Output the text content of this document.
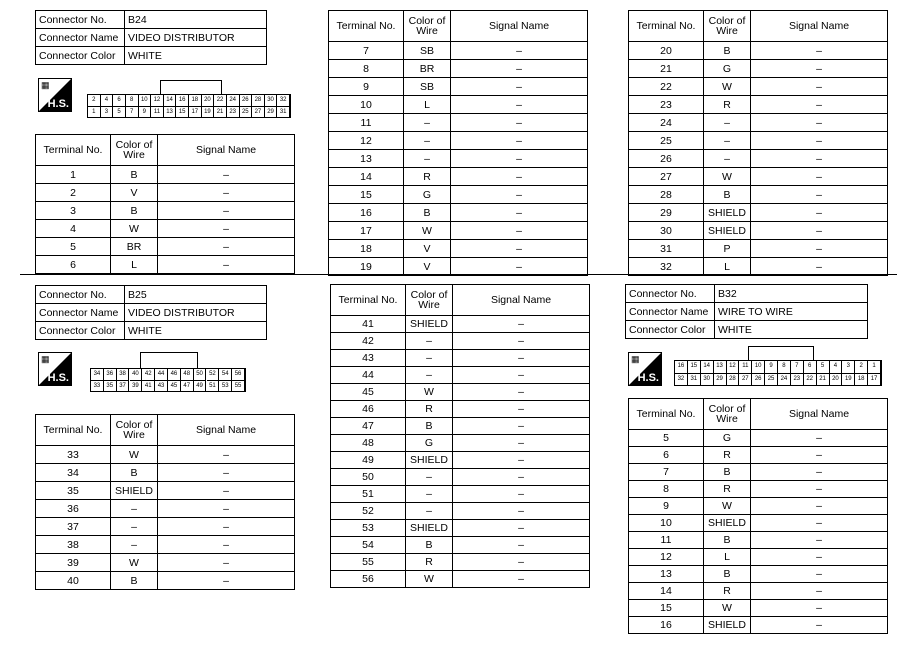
Connector No.	B24
Connector Name	VIDEO DISTRIBUTOR
Connector Color	WHITE
▦
H.S.	2	4	6	8	10 12 14 16 18 20 22 24 26 28 30 32
1	3	5	7	9	11	13 15 17 19 21 23 25 27 29 31
Terminal No.	Color of Wire	Signal Name
1	B	–
2	V	–
3	B	–
4	W	–
5	BR	–
6	L	–
Terminal No.	Color of Wire	Signal Name
7	SB	–
8	BR	–
9	SB	–
10	L	–
11	–	–
12	–	–
13	–	–
14	R	–
15	G	–
16	B	–
17	W	–
18	V	–
19	V	–
Terminal No.	Color of Wire	Signal Name
20	B	–
21	G	–
22	W	–
23	R	–
24	–	–
25	–	–
26	–	–
27	W	–
28	B	–
29	SHIELD	–
30	SHIELD	–
31	P	–
32	L	–
Connector No.	B25
Connector Name	VIDEO DISTRIBUTOR
Connector Color	WHITE
▦
H.S.	34	36	38	40	42	44	46	48	50	52	54	56
33	35	37	39	41	43	45	47	49	51	53	55
Terminal No.	Color of Wire	Signal Name
33	W	–
34	B	–
35	SHIELD	–
36	–	–
37	–	–
38	–	–
39	W	–
40	B	–
Terminal No.	Color of Wire	Signal Name
41	SHIELD	–
42	–	–
43	–	–
44	–	–
45	W	–
46	R	–
47	B	–
48	G	–
49	SHIELD	–
50	–	–
51	–	–
52	–	–
53	SHIELD	–
54	B	–
55	R	–
56	W	–
Connector No.	B32
Connector Name	WIRE TO WIRE
Connector Color	WHITE
▦
H.S.
16	15	14	13	12	11	10	9	8	7	6	5	4	3	2	1
32	31	30	29	28	27	26	25	24	23	22	21	20	19	18	17
Terminal No.	Color of Wire	Signal Name
5	G	–
6	R	–
7	B	–
8	R	–
9	W	–
10	SHIELD	–
11	B	–
12	L	–
13	B	–
14	R	–
15	W	–
16	SHIELD	–
